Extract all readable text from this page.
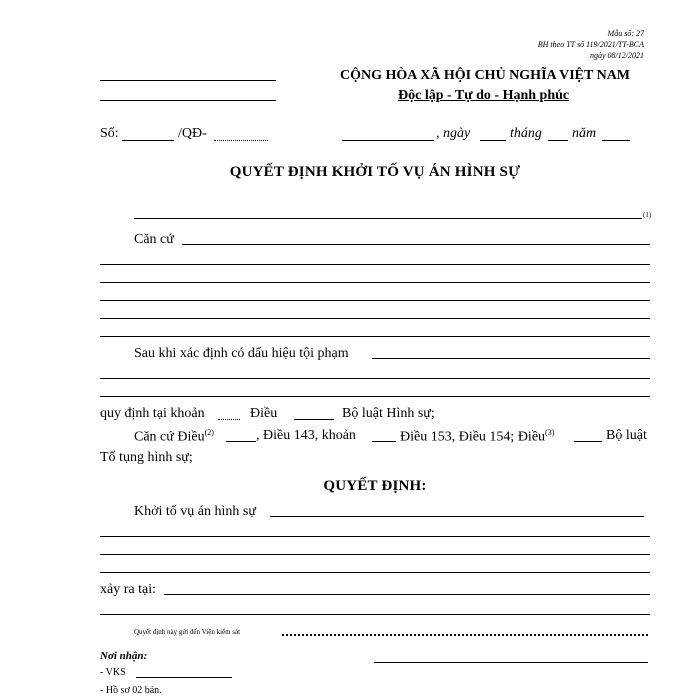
Mẫu số: 27
BH theo TT số 119/2021/TT-BCA
ngày 08/12/2021
CỘNG HÒA XÃ HỘI CHỦ NGHĨA VIỆT NAM
Độc lập - Tự do - Hạnh phúc
Số:	/QĐ-	, ngày	tháng năm
QUYẾT ĐỊNH KHỞI TỐ VỤ ÁN HÌNH SỰ
(1)
Căn cứ
Sau khi xác định có dấu hiệu tội phạm
quy định tại khoản	Điều	Bộ luật Hình sự;
Căn cứ Điều$^{(2)}$	, Điều 143, khoản	Điều 153, Điều 154; Điều$^{(3)}$	Bộ luật
Tố tụng hình sự;
QUYẾT ĐỊNH:
Khởi tố vụ án hình sự
xảy ra tại:
Quyết định này gửi đến Viện kiểm sát
Nơi nhận:
- VKS
- Hồ sơ 02 bản.
